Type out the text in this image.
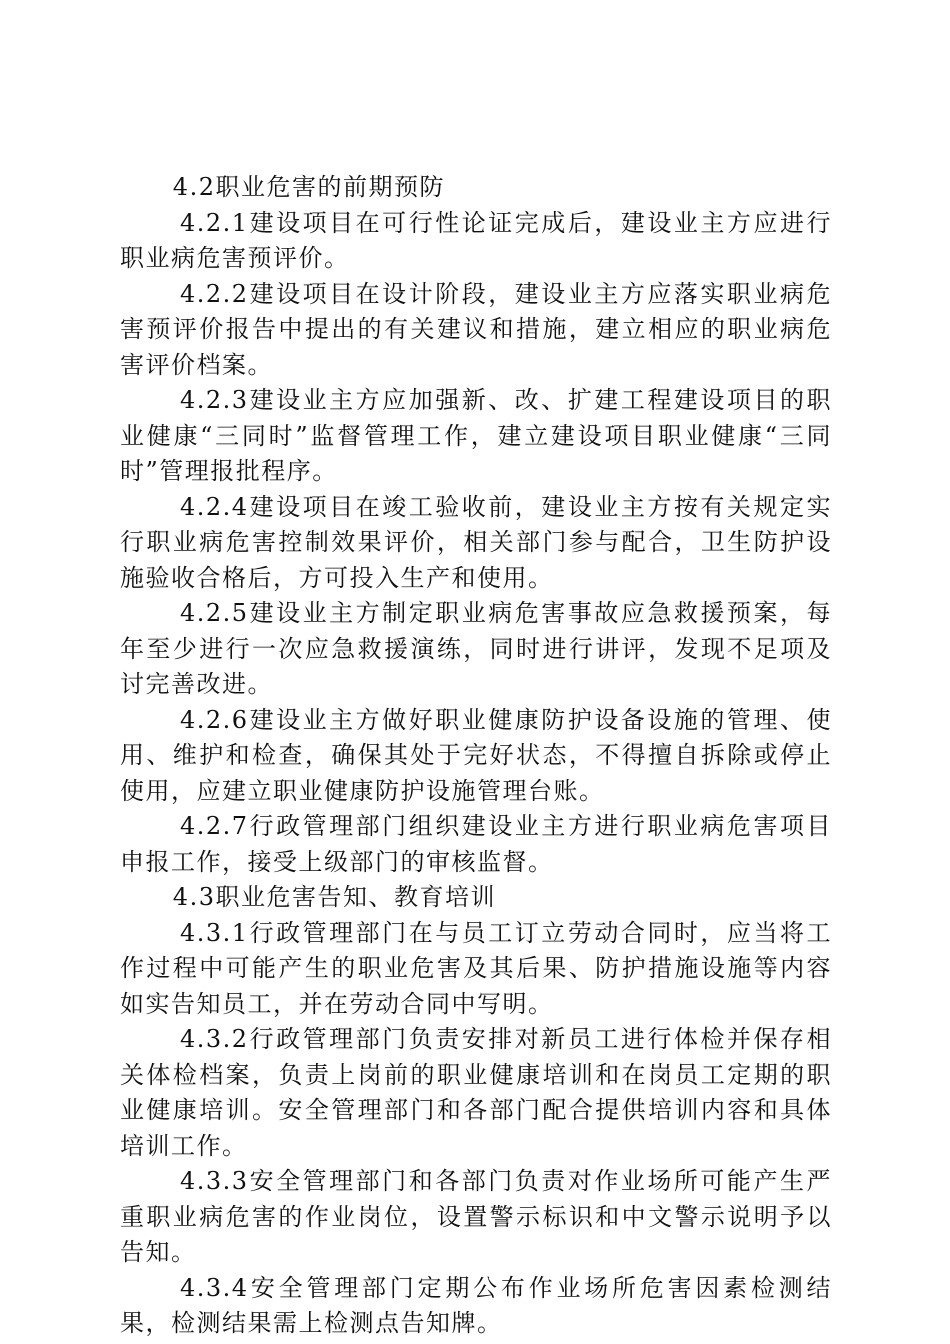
4.2职业危害的前期预防

4.2.1建设项目在可行性论证完成后，建设业主方应进行职业病危害预评价。

4.2.2建设项目在设计阶段，建设业主方应落实职业病危害预评价报告中提出的有关建议和措施，建立相应的职业病危害评价档案。

4.2.3建设业主方应加强新、改、扩建工程建设项目的职业健康“三同时”监督管理工作，建立建设项目职业健康“三同时”管理报批程序。

4.2.4建设项目在竣工验收前，建设业主方按有关规定实行职业病危害控制效果评价，相关部门参与配合，卫生防护设施验收合格后，方可投入生产和使用。

4.2.5建设业主方制定职业病危害事故应急救援预案，每年至少进行一次应急救援演练，同时进行讲评，发现不足项及讨完善改进。

4.2.6建设业主方做好职业健康防护设备设施的管理、使用、维护和检查，确保其处于完好状态，不得擅自拆除或停止使用，应建立职业健康防护设施管理台账。

4.2.7行政管理部门组织建设业主方进行职业病危害项目申报工作，接受上级部门的审核监督。

4.3职业危害告知、教育培训

4.3.1行政管理部门在与员工订立劳动合同时，应当将工作过程中可能产生的职业危害及其后果、防护措施设施等内容如实告知员工，并在劳动合同中写明。

4.3.2行政管理部门负责安排对新员工进行体检并保存相关体检档案，负责上岗前的职业健康培训和在岗员工定期的职业健康培训。安全管理部门和各部门配合提供培训内容和具体培训工作。

4.3.3安全管理部门和各部门负责对作业场所可能产生严重职业病危害的作业岗位，设置警示标识和中文警示说明予以告知。

4.3.4安全管理部门定期公布作业场所危害因素检测结果，检测结果需上检测点告知牌。
